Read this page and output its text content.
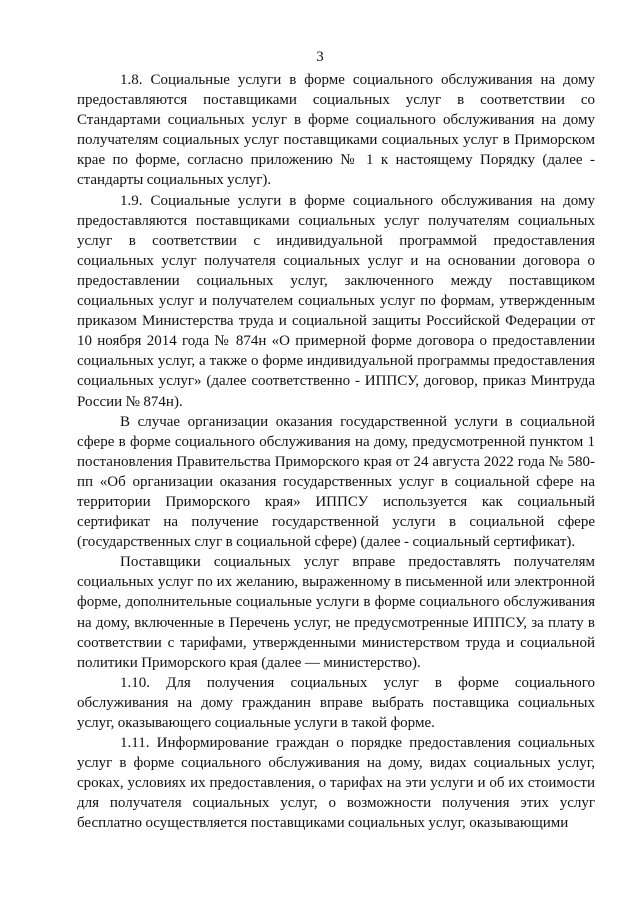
3

1.8. Социальные услуги в форме социального обслуживания на дому предоставляются поставщиками социальных услуг в соответствии со Стандартами социальных услуг в форме социального обслуживания на дому получателям социальных услуг поставщиками социальных услуг в Приморском крае по форме, согласно приложению № 1 к настоящему Порядку (далее - стандарты социальных услуг).

1.9. Социальные услуги в форме социального обслуживания на дому предоставляются поставщиками социальных услуг получателям социальных услуг в соответствии с индивидуальной программой предоставления социальных услуг получателя социальных услуг и на основании договора о предоставлении социальных услуг, заключенного между поставщиком социальных услуг и получателем социальных услуг по формам, утвержденным приказом Министерства труда и социальной защиты Российской Федерации от 10 ноября 2014 года № 874н «О примерной форме договора о предоставлении социальных услуг, а также о форме индивидуальной программы предоставления социальных услуг» (далее соответственно - ИППСУ, договор, приказ Минтруда России № 874н).

В случае организации оказания государственной услуги в социальной сфере в форме социального обслуживания на дому, предусмотренной пунктом 1 постановления Правительства Приморского края от 24 августа 2022 года № 580-пп «Об организации оказания государственных услуг в социальной сфере на территории Приморского края» ИППСУ используется как социальный сертификат на получение государственной услуги в социальной сфере (государственных слуг в социальной сфере) (далее - социальный сертификат).

Поставщики социальных услуг вправе предоставлять получателям социальных услуг по их желанию, выраженному в письменной или электронной форме, дополнительные социальные услуги в форме социального обслуживания на дому, включенные в Перечень услуг, не предусмотренные ИППСУ, за плату в соответствии с тарифами, утвержденными министерством труда и социальной политики Приморского края (далее — министерство).

1.10. Для получения социальных услуг в форме социального обслуживания на дому гражданин вправе выбрать поставщика социальных услуг, оказывающего социальные услуги в такой форме.

1.11. Информирование граждан о порядке предоставления социальных услуг в форме социального обслуживания на дому, видах социальных услуг, сроках, условиях их предоставления, о тарифах на эти услуги и об их стоимости для получателя социальных услуг, о возможности получения этих услуг бесплатно осуществляется поставщиками социальных услуг, оказывающими
